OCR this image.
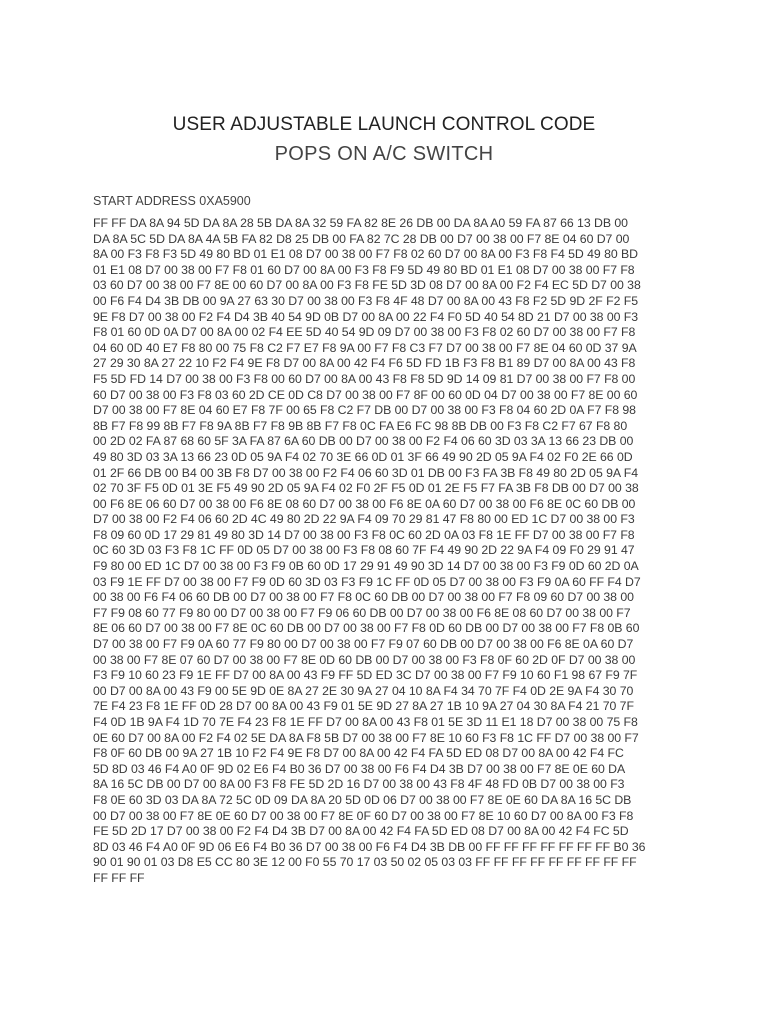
USER ADJUSTABLE LAUNCH CONTROL CODE
POPS ON A/C SWITCH
START ADDRESS 0XA5900
FF FF DA 8A 94 5D DA 8A 28 5B DA 8A 32 59 FA 82 8E 26 DB 00 DA 8A A0 59 FA 87 66 13 DB 00
DA 8A 5C 5D DA 8A 4A 5B FA 82 D8 25 DB 00 FA 82 7C 28 DB 00 D7 00 38 00 F7 8E 04 60 D7 00
8A 00 F3 F8 F3 5D 49 80 BD 01 E1 08 D7 00 38 00 F7 F8 02 60 D7 00 8A 00 F3 F8 F4 5D 49 80 BD
01 E1 08 D7 00 38 00 F7 F8 01 60 D7 00 8A 00 F3 F8 F9 5D 49 80 BD 01 E1 08 D7 00 38 00 F7 F8
03 60 D7 00 38 00 F7 8E 00 60 D7 00 8A 00 F3 F8 FE 5D 3D 08 D7 00 8A 00 F2 F4 EC 5D D7 00 38
00 F6 F4 D4 3B DB 00 9A 27 63 30 D7 00 38 00 F3 F8 4F 48 D7 00 8A 00 43 F8 F2 5D 9D 2F F2 F5
9E F8 D7 00 38 00 F2 F4 D4 3B 40 54 9D 0B D7 00 8A 00 22 F4 F0 5D 40 54 8D 21 D7 00 38 00 F3
F8 01 60 0D 0A D7 00 8A 00 02 F4 EE 5D 40 54 9D 09 D7 00 38 00 F3 F8 02 60 D7 00 38 00 F7 F8
04 60 0D 40 E7 F8 80 00 75 F8 C2 F7 E7 F8 9A 00 F7 F8 C3 F7 D7 00 38 00 F7 8E 04 60 0D 37 9A
27 29 30 8A 27 22 10 F2 F4 9E F8 D7 00 8A 00 42 F4 F6 5D FD 1B F3 F8 B1 89 D7 00 8A 00 43 F8
F5 5D FD 14 D7 00 38 00 F3 F8 00 60 D7 00 8A 00 43 F8 F8 5D 9D 14 09 81 D7 00 38 00 F7 F8 00
60 D7 00 38 00 F3 F8 03 60 2D CE 0D C8 D7 00 38 00 F7 8F 00 60 0D 04 D7 00 38 00 F7 8E 00 60
D7 00 38 00 F7 8E 04 60 E7 F8 7F 00 65 F8 C2 F7 DB 00 D7 00 38 00 F3 F8 04 60 2D 0A F7 F8 98
8B F7 F8 99 8B F7 F8 9A 8B F7 F8 9B 8B F7 F8 0C FA E6 FC 98 8B DB 00 F3 F8 C2 F7 67 F8 80
00 2D 02 FA 87 68 60 5F 3A FA 87 6A 60 DB 00 D7 00 38 00 F2 F4 06 60 3D 03 3A 13 66 23 DB 00
49 80 3D 03 3A 13 66 23 0D 05 9A F4 02 70 3E 66 0D 01 3F 66 49 90 2D 05 9A F4 02 F0 2E 66 0D
01 2F 66 DB 00 B4 00 3B F8 D7 00 38 00 F2 F4 06 60 3D 01 DB 00 F3 FA 3B F8 49 80 2D 05 9A F4
02 70 3F F5 0D 01 3E F5 49 90 2D 05 9A F4 02 F0 2F F5 0D 01 2E F5 F7 FA 3B F8 DB 00 D7 00 38
00 F6 8E 06 60 D7 00 38 00 F6 8E 08 60 D7 00 38 00 F6 8E 0A 60 D7 00 38 00 F6 8E 0C 60 DB 00
D7 00 38 00 F2 F4 06 60 2D 4C 49 80 2D 22 9A F4 09 70 29 81 47 F8 80 00 ED 1C D7 00 38 00 F3
F8 09 60 0D 17 29 81 49 80 3D 14 D7 00 38 00 F3 F8 0C 60 2D 0A 03 F8 1E FF D7 00 38 00 F7 F8
0C 60 3D 03 F3 F8 1C FF 0D 05 D7 00 38 00 F3 F8 08 60 7F F4 49 90 2D 22 9A F4 09 F0 29 91 47
F9 80 00 ED 1C D7 00 38 00 F3 F9 0B 60 0D 17 29 91 49 90 3D 14 D7 00 38 00 F3 F9 0D 60 2D 0A
03 F9 1E FF D7 00 38 00 F7 F9 0D 60 3D 03 F3 F9 1C FF 0D 05 D7 00 38 00 F3 F9 0A 60 FF F4 D7
00 38 00 F6 F4 06 60 DB 00 D7 00 38 00 F7 F8 0C 60 DB 00 D7 00 38 00 F7 F8 09 60 D7 00 38 00
F7 F9 08 60 77 F9 80 00 D7 00 38 00 F7 F9 06 60 DB 00 D7 00 38 00 F6 8E 08 60 D7 00 38 00 F7
8E 06 60 D7 00 38 00 F7 8E 0C 60 DB 00 D7 00 38 00 F7 F8 0D 60 DB 00 D7 00 38 00 F7 F8 0B 60
D7 00 38 00 F7 F9 0A 60 77 F9 80 00 D7 00 38 00 F7 F9 07 60 DB 00 D7 00 38 00 F6 8E 0A 60 D7
00 38 00 F7 8E 07 60 D7 00 38 00 F7 8E 0D 60 DB 00 D7 00 38 00 F3 F8 0F 60 2D 0F D7 00 38 00
F3 F9 10 60 23 F9 1E FF D7 00 8A 00 43 F9 FF 5D ED 3C D7 00 38 00 F7 F9 10 60 F1 98 67 F9 7F
00 D7 00 8A 00 43 F9 00 5E 9D 0E 8A 27 2E 30 9A 27 04 10 8A F4 34 70 7F F4 0D 2E 9A F4 30 70
7E F4 23 F8 1E FF 0D 28 D7 00 8A 00 43 F9 01 5E 9D 27 8A 27 1B 10 9A 27 04 30 8A F4 21 70 7F
F4 0D 1B 9A F4 1D 70 7E F4 23 F8 1E FF D7 00 8A 00 43 F8 01 5E 3D 11 E1 18 D7 00 38 00 75 F8
0E 60 D7 00 8A 00 F2 F4 02 5E DA 8A F8 5B D7 00 38 00 F7 8E 10 60 F3 F8 1C FF D7 00 38 00 F7
F8 0F 60 DB 00 9A 27 1B 10 F2 F4 9E F8 D7 00 8A 00 42 F4 FA 5D ED 08 D7 00 8A 00 42 F4 FC
5D 8D 03 46 F4 A0 0F 9D 02 E6 F4 B0 36 D7 00 38 00 F6 F4 D4 3B D7 00 38 00 F7 8E 0E 60 DA
8A 16 5C DB 00 D7 00 8A 00 F3 F8 FE 5D 2D 16 D7 00 38 00 43 F8 4F 48 FD 0B D7 00 38 00 F3
F8 0E 60 3D 03 DA 8A 72 5C 0D 09 DA 8A 20 5D 0D 06 D7 00 38 00 F7 8E 0E 60 DA 8A 16 5C DB
00 D7 00 38 00 F7 8E 0E 60 D7 00 38 00 F7 8E 0F 60 D7 00 38 00 F7 8E 10 60 D7 00 8A 00 F3 F8
FE 5D 2D 17 D7 00 38 00 F2 F4 D4 3B D7 00 8A 00 42 F4 FA 5D ED 08 D7 00 8A 00 42 F4 FC 5D
8D 03 46 F4 A0 0F 9D 06 E6 F4 B0 36 D7 00 38 00 F6 F4 D4 3B DB 00 FF FF FF FF FF FF FF B0 36
90 01 90 01 03 D8 E5 CC 80 3E 12 00 F0 55 70 17 03 50 02 05 03 03 FF FF FF FF FF FF FF FF FF
FF FF FF
